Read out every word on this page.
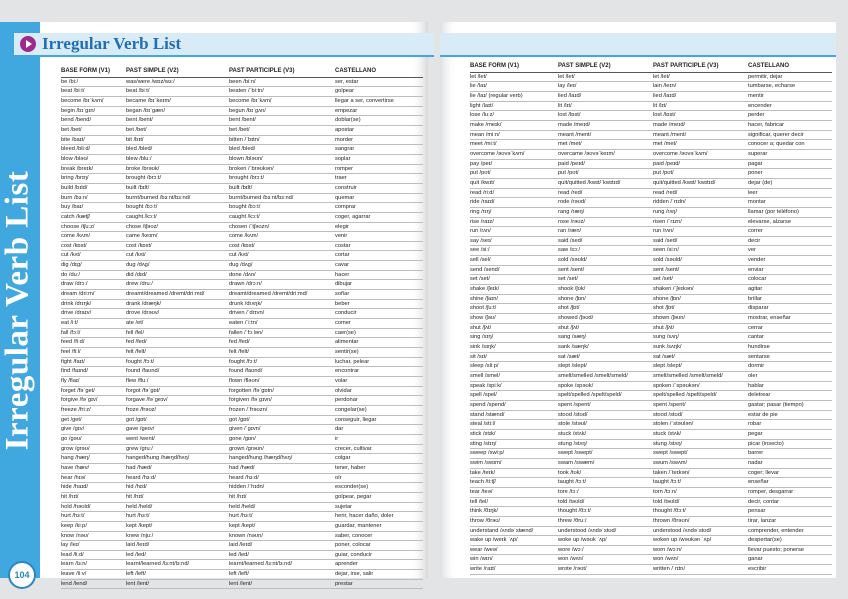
Irregular Verb List
104
Irregular Verb List
BASE FORM (V1)	PAST SIMPLE (V2)	PAST PARTICIPLE (V3)	CASTELLANO
be /biː/	was/were /wɒz/wɜː/	been /biːn/	ser, estar
beat /biːt/	beat /biːt/	beaten /ˈbiːtn/	golpear
become /bɪˈkʌm/	became /bɪˈkeɪm/	become /bɪˈkʌm/	llegar a ser, convertirse
begin /bɪˈɡɪn/	began /bɪˈɡæn/	begun /bɪˈɡʌn/	empezar
bend /bend/	bent /bent/	bent /bent/	doblar(se)
bet /bet/	bet /bet/	bet /bet/	apostar
bite /baɪt/	bit /bɪt/	bitten /ˈbɪtn/	morder
bleed /bliːd/	bled /bled/	bled /bled/	sangrar
blow /bləʊ/	blew /bluː/	blown /bləʊn/	soplar
break /breɪk/	broke /brəʊk/	broken /ˈbrəʊkən/	romper
bring /brɪŋ/	brought /brɔːt/	brought /brɔːt/	traer
build /bɪld/	built /bɪlt/	built /bɪlt/	construir
burn /bɜːn/	burnt/burned /bɜːnt/bɜːnd/	burnt/burned /bɜːnt/bɜːnd/	quemar
buy /baɪ/	bought /bɔːt/	bought /bɔːt/	comprar
catch /kætʃ/	caught /kɔːt/	caught /kɔːt/	coger, agarrar
choose /tʃuːz/	chose /tʃəʊz/	chosen /ˈtʃəʊzn/	elegir
come /kʌm/	came /keɪm/	come /kʌm/	venir
cost /kɒst/	cost /kɒst/	cost /kɒst/	costar
cut /kʌt/	cut /kʌt/	cut /kʌt/	cortar
dig /dɪɡ/	dug /dʌɡ/	dug /dʌɡ/	cavar
do /duː/	did /dɪd/	done /dʌn/	hacer
draw /drɔː/	drew /druː/	drawn /drɔːn/	dibujar
dream /driːm/	dreamt/dreamed /dremt/driːmd/	dreamt/dreamed /dremt/driːmd/	soñar
drink /drɪŋk/	drank /dræŋk/	drunk /drʌŋk/	beber
drive /draɪv/	drove /drəʊv/	driven /ˈdrɪvn/	conducir
eat /iːt/	ate /et/	eaten /ˈiːtn/	comer
fall /fɔːl/	fell /fel/	fallen /ˈfɔːlən/	caer(se)
feed /fiːd/	fed /fed/	fed /fed/	alimentar
feel /fiːl/	felt /felt/	felt /felt/	sentir(se)
fight /faɪt/	fought /fɔːt/	fought /fɔːt/	luchar, pelear
find /faɪnd/	found /faʊnd/	found /faʊnd/	encontrar
fly /flaɪ/	flew /fluː/	flown /fləʊn/	volar
forget /fəˈɡet/	forgot /fəˈɡɒt/	forgotten /fəˈɡɒtn/	olvidar
forgive /fəˈɡɪv/	forgave /fəˈɡeɪv/	forgiven /fəˈɡɪvn/	perdonar
freeze /friːz/	froze /frəʊz/	frozen /ˈfrəʊzn/	congelar(se)
get /ɡet/	got /ɡɒt/	got /ɡɒt/	conseguir, llegar
give /ɡɪv/	gave /ɡeɪv/	given /ˈɡɪvn/	dar
go /ɡəʊ/	went /went/	gone /ɡɒn/	ir
grow /ɡrəʊ/	grew /ɡruː/	grown /ɡrəʊn/	crecer, cultivar
hang /hæŋ/	hanged/hung /hæŋd/hʌŋ/	hanged/hung /hæŋd/hʌŋ/	colgar
have /hæv/	had /hæd/	had /hæd/	tener, haber
hear /hɪə/	heard /hɜːd/	heard /hɜːd/	oír
hide /haɪd/	hid /hɪd/	hidden /ˈhɪdn/	esconder(se)
hit /hɪt/	hit /hɪt/	hit /hɪt/	golpear, pegar
hold /həʊld/	held /held/	held /held/	sujetar
hurt /hɜːt/	hurt /hɜːt/	hurt /hɜːt/	herir, hacer daño, doler
keep /kiːp/	kept /kept/	kept /kept/	guardar, mantener
know /nəʊ/	knew /njuː/	known /nəʊn/	saber, conocer
lay /leɪ/	laid /leɪd/	laid /leɪd/	poner, colocar
lead /liːd/	led /led/	led /led/	guiar, conducir
learn /lɜːn/	learnt/learned /lɜːnt/lɜːnd/	learnt/learned /lɜːnt/lɜːnd/	aprender
leave /liːv/	left /left/	left /left/	dejar, irse, salir
lend /lend/	lent /lent/	lent /lent/	prestar
BASE FORM (V1)	PAST SIMPLE (V2)	PAST PARTICIPLE (V3)	CASTELLANO
let /let/	let /let/	let /let/	permitir, dejar
lie /laɪ/	lay /leɪ/	lain /leɪn/	tumbarse, echarse
lie /laɪ/ (regular verb)	lied /laɪd/	lied /laɪd/	mentir
light /laɪt/	lit /lɪt/	lit /lɪt/	encender
lose /luːz/	lost /lɒst/	lost /lɒst/	perder
make /meɪk/	made /meɪd/	made /meɪd/	hacer, fabricar
mean /miːn/	meant /ment/	meant /ment/	significar, querer decir
meet /miːt/	met /met/	met /met/	conocer a; quedar con
overcome /əʊvəˈkʌm/	overcame /əʊvəˈkeɪm/	overcome /əʊvəˈkʌm/	superar
pay /peɪ/	paid /peɪd/	paid /peɪd/	pagar
put /pʊt/	put /pʊt/	put /pʊt/	poner
quit /kwɪt/	quit/quitted /kwɪt/ˈkwɪtɪd/	quit/quitted /kwɪt/ˈkwɪtɪd/	dejar (de)
read /riːd/	read /red/	read /red/	leer
ride /raɪd/	rode /rəʊd/	ridden /ˈrɪdn/	montar
ring /rɪŋ/	rang /ræŋ/	rung /rʌŋ/	llamar (por teléfono)
rise /raɪz/	rose /rəʊz/	risen /ˈrɪzn/	elevarse, alzarse
run /rʌn/	ran /ræn/	run /rʌn/	correr
say /seɪ/	said /sed/	said /sed/	decir
see /siː/	saw /sɔː/	seen /siːn/	ver
sell /sel/	sold /səʊld/	sold /səʊld/	vender
send /send/	sent /sent/	sent /sent/	enviar
set /set/	set /set/	set /set/	colocar
shake /ʃeɪk/	shook /ʃʊk/	shaken /ˈʃeɪkən/	agitar
shine /ʃaɪn/	shone /ʃɒn/	shone /ʃɒn/	brillar
shoot /ʃuːt/	shot /ʃɒt/	shot /ʃɒt/	disparar
show /ʃəʊ/	showed /ʃəʊd/	shown /ʃəʊn/	mostrar, enseñar
shut /ʃʌt/	shut /ʃʌt/	shut /ʃʌt/	cerrar
sing /sɪŋ/	sang /sæŋ/	sung /sʌŋ/	cantar
sink /sɪŋk/	sank /sæŋk/	sunk /sʌŋk/	hundirse
sit /sɪt/	sat /sæt/	sat /sæt/	sentarse
sleep /sliːp/	slept /slept/	slept /slept/	dormir
smell /smel/	smelt/smelled /smelt/smeld/	smelt/smelled /smelt/smeld/	oler
speak /spiːk/	spoke /spəʊk/	spoken /ˈspəʊkən/	hablar
spell /spel/	spelt/spelled /spelt/speld/	spelt/spelled /spelt/speld/	deletrear
spend /spend/	spent /spent/	spent /spent/	gastar; pasar (tiempo)
stand /stænd/	stood /stʊd/	stood /stʊd/	estar de pie
steal /stiːl/	stole /stəʊl/	stolen /ˈstəʊlən/	robar
stick /stɪk/	stuck /stʌk/	stuck /stʌk/	pegar
sting /stɪŋ/	stung /stʌŋ/	stung /stʌŋ/	picar (insecto)
sweep /swiːp/	swept /swept/	swept /swept/	barrer
swim /swɪm/	swam /swæm/	swum /swʌm/	nadar
take /teɪk/	took /tʊk/	taken /ˈteɪkən/	coger; llevar
teach /tiːtʃ/	taught /tɔːt/	taught /tɔːt/	enseñar
tear /teə/	tore /tɔː/	torn /tɔːn/	romper, desgarrar
tell /tel/	told /təʊld/	told /təʊld/	decir, contar
think /θɪŋk/	thought /θɔːt/	thought /θɔːt/	pensar
throw /θrəʊ/	threw /θruː/	thrown /θrəʊn/	tirar, lanzar
understand /ʌndəˈstænd/	understood /ʌndəˈstʊd/	understood /ʌndəˈstʊd/	comprender, entender
wake up /weɪk ˈʌp/	woke up /wəʊk ˈʌp/	woken up /wəʊkən ˈʌp/	despertar(se)
wear /weə/	wore /wɔː/	worn /wɔːn/	llevar puesto; ponerse
win /wɪn/	won /wʌn/	won /wʌn/	ganar
write /raɪt/	wrote /rəʊt/	written /ˈrɪtn/	escribir
